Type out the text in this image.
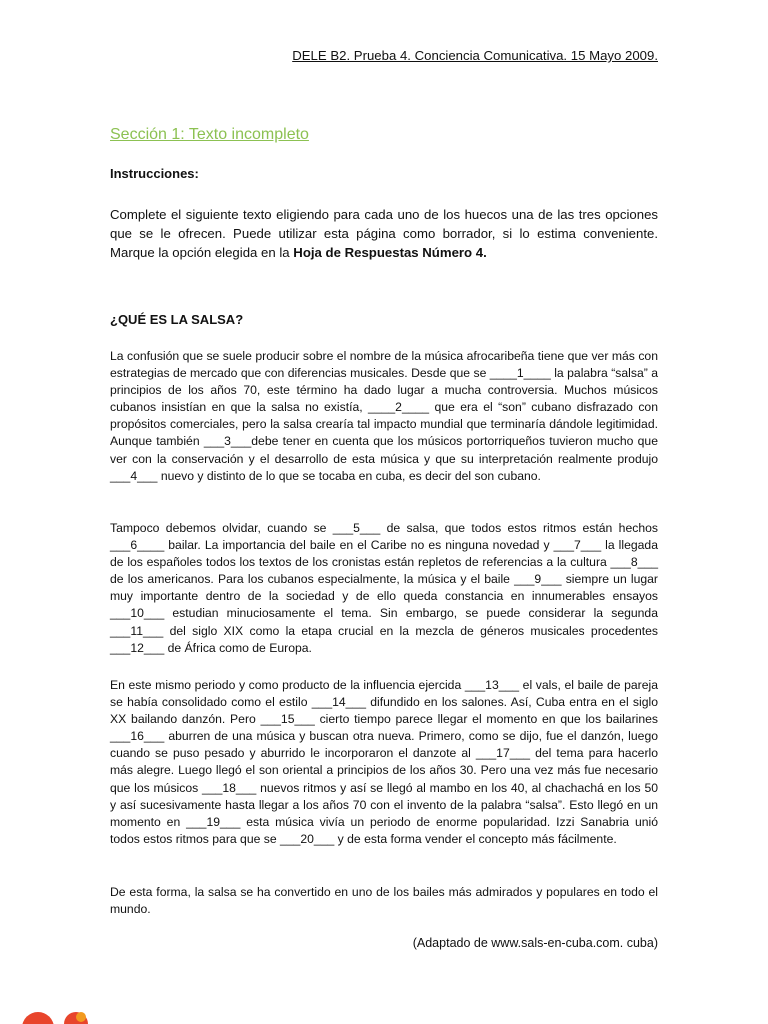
DELE B2. Prueba 4. Conciencia Comunicativa. 15 Mayo 2009.
Sección 1: Texto incompleto
Instrucciones:
Complete el siguiente texto eligiendo para cada uno de los huecos una de las tres opciones que se le ofrecen. Puede utilizar esta página como borrador, si lo estima conveniente. Marque la opción elegida en la Hoja de Respuestas Número 4.
¿QUÉ ES LA SALSA?
La confusión que se suele producir sobre el nombre de la música afrocaribeña tiene que ver más con estrategias de mercado que con diferencias musicales. Desde que se ____1____ la palabra “salsa” a principios de los años 70, este término ha dado lugar a mucha controversia. Muchos músicos cubanos insistían en que la salsa no existía, ____2____ que era el “son” cubano disfrazado con propósitos comerciales, pero la salsa crearía tal impacto mundial que terminaría dándole legitimidad. Aunque también ___3___debe tener en cuenta que los músicos portorriqueños tuvieron mucho que ver con la conservación y el desarrollo de esta música y que su interpretación realmente produjo ___4___ nuevo y distinto de lo que se tocaba en cuba, es decir del son cubano.
Tampoco debemos olvidar, cuando se ___5___ de salsa, que todos estos ritmos están hechos ___6____ bailar. La importancia del baile en el Caribe no es ninguna novedad y ___7___ la llegada de los españoles todos los textos de los cronistas están repletos de referencias a la cultura ___8___ de los americanos. Para los cubanos especialmente, la música y el baile ___9___ siempre un lugar muy importante dentro de la sociedad y de ello queda constancia en innumerables ensayos ___10___ estudian minuciosamente el tema. Sin embargo, se puede considerar la segunda ___11___ del siglo XIX como la etapa crucial en la mezcla de géneros musicales procedentes ___12___ de África como de Europa.
En este mismo periodo y como producto de la influencia ejercida ___13___ el vals, el baile de pareja se había consolidado como el estilo ___14___ difundido en los salones. Así, Cuba entra en el siglo XX bailando danzón. Pero ___15___ cierto tiempo parece llegar el momento en que los bailarines ___16___ aburren de una música y buscan otra nueva. Primero, como se dijo, fue el danzón, luego cuando se puso pesado y aburrido le incorporaron el danzote al ___17___ del tema para hacerlo más alegre. Luego llegó el son oriental a principios de los años 30. Pero una vez más fue necesario que los músicos ___18___ nuevos ritmos y así se llegó al mambo en los 40, al chachachá en los 50 y así sucesivamente hasta llegar a los años 70 con el invento de la palabra “salsa”. Esto llegó en un momento en ___19___ esta música vivía un periodo de enorme popularidad. Izzi Sanabria unió todos estos ritmos para que se ___20___ y de esta forma vender el concepto más fácilmente.
De esta forma, la salsa se ha convertido en uno de los bailes más admirados y populares en todo el mundo.
(Adaptado de www.sals-en-cuba.com. cuba)
